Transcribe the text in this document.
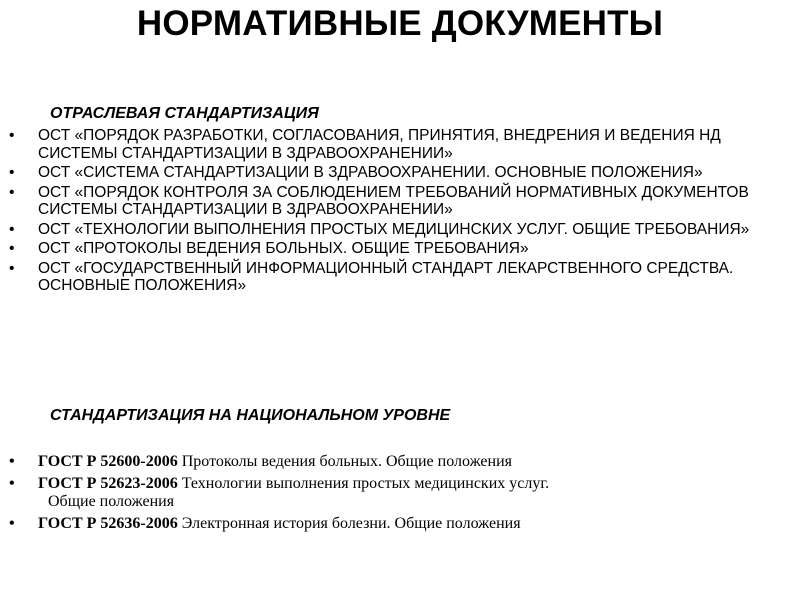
НОРМАТИВНЫЕ ДОКУМЕНТЫ
ОТРАСЛЕВАЯ СТАНДАРТИЗАЦИЯ
• ОСТ «ПОРЯДОК РАЗРАБОТКИ, СОГЛАСОВАНИЯ, ПРИНЯТИЯ, ВНЕДРЕНИЯ И ВЕДЕНИЯ НД СИСТЕМЫ СТАНДАРТИЗАЦИИ В ЗДРАВООХРАНЕНИИ»
• ОСТ «СИСТЕМА СТАНДАРТИЗАЦИИ В ЗДРАВООХРАНЕНИИ. ОСНОВНЫЕ ПОЛОЖЕНИЯ»
• ОСТ «ПОРЯДОК КОНТРОЛЯ ЗА СОБЛЮДЕНИЕМ ТРЕБОВАНИЙ НОРМАТИВНЫХ ДОКУМЕНТОВ СИСТЕМЫ СТАНДАРТИЗАЦИИ В ЗДРАВООХРАНЕНИИ»
• ОСТ «ТЕХНОЛОГИИ ВЫПОЛНЕНИЯ ПРОСТЫХ МЕДИЦИНСКИХ УСЛУГ. ОБЩИЕ ТРЕБОВАНИЯ»
• ОСТ «ПРОТОКОЛЫ ВЕДЕНИЯ БОЛЬНЫХ. ОБЩИЕ ТРЕБОВАНИЯ»
• ОСТ «ГОСУДАРСТВЕННЫЙ ИНФОРМАЦИОННЫЙ СТАНДАРТ ЛЕКАРСТВЕННОГО СРЕДСТВА. ОСНОВНЫЕ ПОЛОЖЕНИЯ»
СТАНДАРТИЗАЦИЯ НА НАЦИОНАЛЬНОМ УРОВНЕ
• ГОСТ Р 52600-2006 Протоколы ведения больных. Общие положения
• ГОСТ Р 52623-2006 Технологии выполнения простых медицинских услуг.
Общие положения
• ГОСТ Р 52636-2006 Электронная история болезни. Общие положения
